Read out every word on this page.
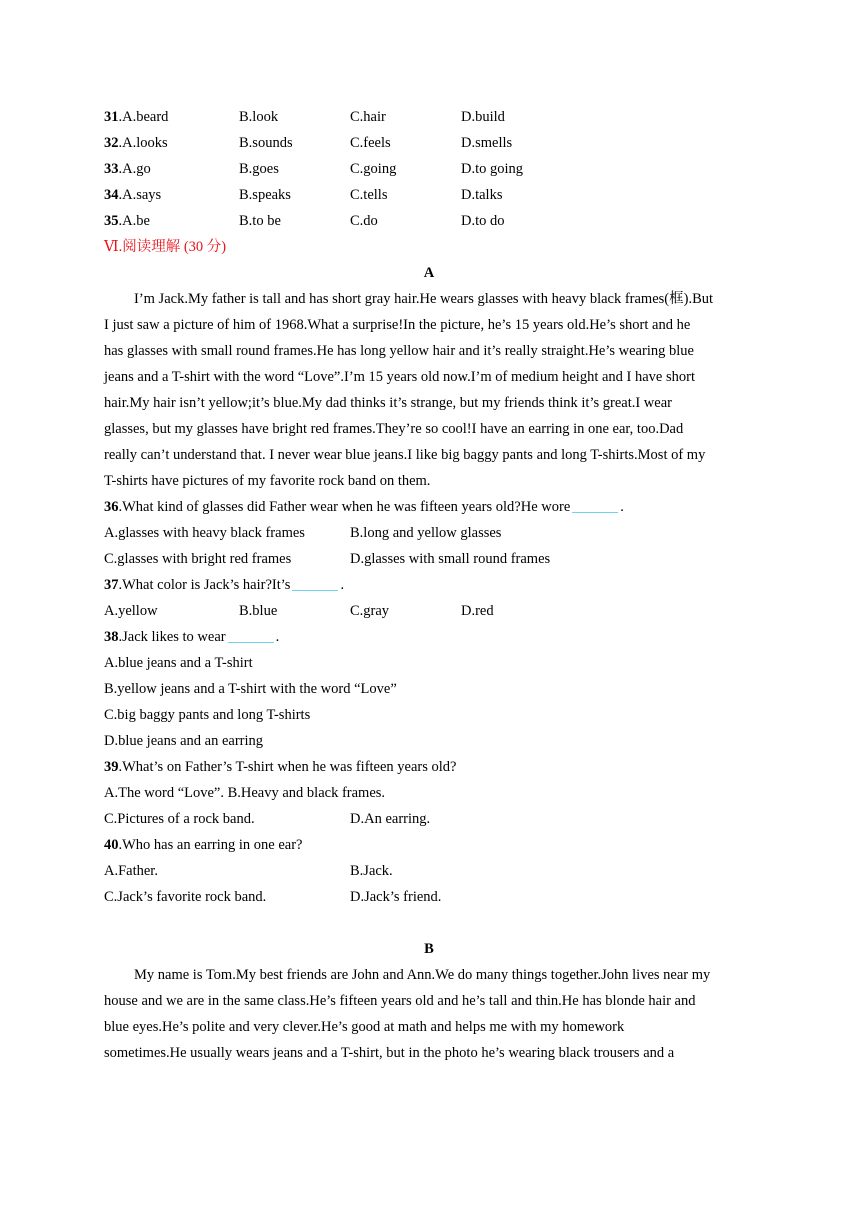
31.A.beard	B.look	C.hair	D.build
32.A.looks	B.sounds	C.feels	D.smells
33.A.go	B.goes	C.going	D.to going
34.A.says	B.speaks	C.tells	D.talks
35.A.be	B.to be	C.do	D.to do
Ⅵ.阅读理解 (30 分)
A
I’m Jack.My father is tall and has short gray hair.He wears glasses with heavy black frames(框).But
I just saw a picture of him of 1968.What a surprise!In the picture, he’s 15 years old.He’s short and he
has glasses with small round frames.He has long yellow hair and it’s really straight.He’s wearing blue
jeans and a T-shirt with the word “Love”.I’m 15 years old now.I’m of medium height and I have short
hair.My hair isn’t yellow;it’s blue.My dad thinks it’s strange, but my friends think it’s great.I wear
glasses, but my glasses have bright red frames.They’re so cool!I have an earring in one ear, too.Dad
really can’t understand that. I never wear blue jeans.I like big baggy pants and long T-shirts.Most of my
T-shirts have pictures of my favorite rock band on them.
36.What kind of glasses did Father wear when he was fifteen years old?He wore	.
A.glasses with heavy black frames	B.long and yellow glasses
C.glasses with bright red frames	D.glasses with small round frames
37.What color is Jack’s hair?It’s	.
A.yellow	B.blue	C.gray	D.red
38.Jack likes to wear	.
A.blue jeans and a T-shirt
B.yellow jeans and a T-shirt with the word “Love”
C.big baggy pants and long T-shirts
D.blue jeans and an earring
39.What’s on Father’s T-shirt when he was fifteen years old?
A.The word “Love”. B.Heavy and black frames.
C.Pictures of a rock band.	D.An earring.
40.Who has an earring in one ear?
A.Father.	B.Jack.
C.Jack’s favorite rock band.	D.Jack’s friend.
B
My name is Tom.My best friends are John and Ann.We do many things together.John lives near my
house and we are in the same class.He’s fifteen years old and he’s tall and thin.He has blonde hair and
blue eyes.He’s polite and very clever.He’s good at math and helps me with my homework
sometimes.He usually wears jeans and a T-shirt, but in the photo he’s wearing black trousers and a
